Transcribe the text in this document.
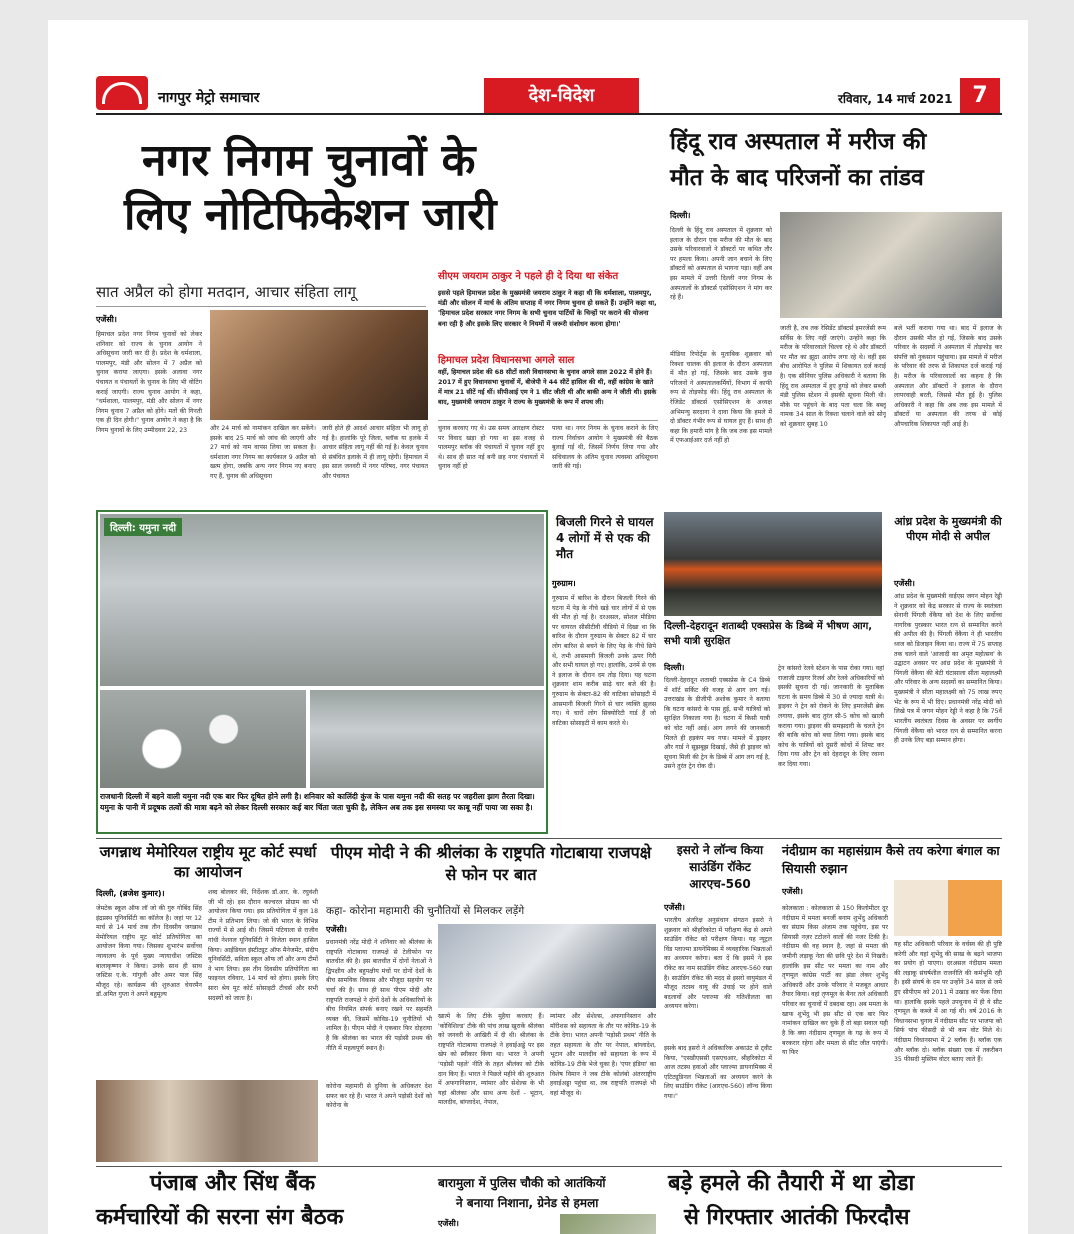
नागपुर मेट्रो समाचार	देश-विदेश	रविवार, 14 मार्च 2021 7
नगर निगम चुनावों के
लिए नोटिफिकेशन जारी
सात अप्रैल को होगा मतदान, आचार संहिता लागू
एजेंसी।
हिमाचल प्रदेश नगर निगम चुनावों को लेकर शनिवार को राज्य के चुनाव आयोग ने अधिसूचना जारी कर दी है। प्रदेश के धर्मशाला, पालमपुर, मंडी और सोलन में 7 अप्रैल को चुनाव कराया जाएगा। इसके अलावा नगर पंचायत व पंचायतों के चुनाव के लिए भी वोटिंग कराई जाएगी। राज्य चुनाव आयोग ने कहा, "धर्मशाला, पालमपुर, मंडी और सोलन में नगर निगम चुनाव 7 अप्रैल को होंगे। मतों की गिनती एक ही दिन होगी।" चुनाव आयोग ने कहा है कि निगम चुनावों के लिए उम्मीदवार 22, 23	और 24 मार्च को नामांकन दाखिल कर सकेंगे। इसके बाद 25 मार्च को जांच की जाएगी और 27 मार्च को नाम वापस लिया जा सकता है। धर्मशाला नगर निगम का कार्यकाल 9 अप्रैल को खत्म होगा, जबकि अन्य नगर निगम नए बनाए गए हैं, चुनाव की अधिसूचना
जारी होते ही आदर्श आचार संहिता भी लागू हो गई है। हालांकि पूरे जिला, ब्लॉक या हलके में आचार संहिता लागू नहीं की गई है। केवल चुनाव से संबंधित इलाके में ही लागू रहेगी। हिमाचल में इस साल जनवरी में नगर परिषद, नगर पंचायत और पंचायत
सीएम जयराम ठाकुर ने पहले ही दे दिया था संकेत
इससे पहले हिमाचल प्रदेश के मुख्यमंत्री जयराम ठाकुर ने कहा थी कि धर्मशाला, पालमपुर, मंडी और सोलन में मार्च के अंतिम सप्ताह में नगर निगम चुनाव हो सकते हैं। उन्होंने कहा था, 'हिमाचल प्रदेश सरकार नगर निगम के सभी चुनाव पार्टियों के चिन्हों पर कराने की योजना बना रही है और इसके लिए सरकार ने नियमों में जरूरी संशोधन करना होगा।'
हिमाचल प्रदेश विधानसभा अगले साल
वहीं, हिमाचल प्रदेश की 68 सीटों वाली विधानसभा के चुनाव अगले साल 2022 में होने हैं। 2017 में हुए विधानसभा चुनावों में, बीजेपी ने 44 सीटें हासिल की थी, वहीं कांग्रेस के खाते में मात्र 21 सीटें गई थीं। सीपीआई एम ने 1 सीट जीती थी और बाकी अन्य ने जीती थी। इसके बाद, मुख्यमंत्री जयराम ठाकुर ने राज्य के मुख्यमंत्री के रूप में शपथ ली।
चुनाव करवाए गए थे। उस समय आरक्षण रोस्टर पर विवाद खड़ा हो गया था इस वजह से पालमपुर ब्लॉक की पंचायतों में चुनाव नहीं हुए थे। साथ ही सात नई बनी छह नगर पंचायतों में चुनाव नहीं हो
पाया था। नगर निगम के चुनाव कराने के लिए राज्य निर्वाचन आयोग ने मुख्यमंत्री की बैठक बुलाई गई थी, जिसमें निर्णय लिया गया और सचिवालय के अंतिम चुनाव त्यवस्था अधिसूचना जारी की गई।
हिंदू राव अस्पताल में मरीज की
मौत के बाद परिजनों का तांडव
दिल्ली।
दिल्ली के हिंदू राव अस्पताल में शुक्रवार को इलाज के दौरान एक मरीज की मौत के बाद उसके परिवारवालों ने डॉक्टरों पर कथित तौर पर हमला किया। अपनी जान बचाने के लिए डॉक्टरों को अस्पताल से भागना पड़ा। वहीं अब इस मामले में उत्तरी दिल्ली नगर निगम के अस्पतालों के डॉक्टर्स एसोसिएशन ने मांग कर रहे हैं।
मीडिया रिपोर्ट्स के मुताबिक शुक्रवार को रिक्शा चालक की इलाज के दौरान अस्पताल में मौत हो गई, जिसके बाद उसके कुछ परिजनों ने अस्पतालकर्मियों, विभाग में काफी रूप से तोड़फोड़ की। हिंदू राव अस्पताल के रेजिडेंट डॉक्टर्स एसोसिएशन के अध्यक्ष अभिमन्यु सरदाना ने दावा किया कि हमले में दो डॉक्टर गंभीर रूप से घायल हुए हैं। साथ ही कहा कि हमारी मांग है कि जब तक इस मामले में एफआईआर दर्ज नहीं हो
जाती है, तब तक रेसिडेंट डॉक्टर्स इमरजेंसी रूम सर्विस के लिए नहीं जाएंगे। उन्होंने कहा कि मरीज के परिवारवाले चिल्ला रहे थे और डॉक्टरों पर मौत का झूठा आरोप लगा रहे थे। वहीं इस बीच आरोपित ने पुलिस में शिकायत दर्ज कराई है। एक सीनियर पुलिस अधिकारी ने बताया कि हिंदू राव अस्पताल में हुए हुगड़े को लेकर सब्जी मंडी पुलिस स्टेशन में इसकी सूचना मिली थी। मौके पर पहुंचने के बाद पता चला कि बब्लू नामक 34 साल के रिक्शा चलाने वाले को सोनू को शुक्रवार सुबह 10
बजे भर्ती कराया गया था। बाद में इलाज के दौरान उसकी मौत हो गई, जिसके बाद उसके परिवार के सदस्यों ने अस्पताल में तोड़फोड़ कर संपत्ति को नुकसान पहुंचाया। इस मामले में मरीज के परिवार की तरफ से शिकायत दर्ज कराई गई है। मरीज के परिवारवालों का कहना है कि अस्पताल और डॉक्टरों ने इलाज के दौरान लापरवाही बरती, जिससे मौत हुई है। पुलिस अधिकारी ने कहा कि अब तक इस मामले में डॉक्टरों या अस्पताल की तरफ से कोई औपचारिक शिकायत नहीं आई है।
दिल्ली: यमुना नदी
राजधानी दिल्ली में बहने वाली यमुना नदी एक बार फिर दूषित होने लगी है। शनिवार को कालिंदी कुंज के पास यमुना नदी की सतह पर जहरीला झाग तैरता दिखा। यमुना के पानी में प्रदूषक तत्वों की मात्रा बढ़ने को लेकर दिल्ली सरकार कई बार चिंता जता चुकी है, लेकिन अब तक इस समस्या पर काबू नहीं पाया जा सका है।
बिजली गिरने से घायल 4 लोगों में से एक की मौत
गुरुग्राम।
गुरुग्राम में बारिश के दौरान बिजली गिरने की घटना में पेड़ के नीचे खड़े चार लोगों में से एक की मौत हो गई है। दरअसल, सोशल मीडिया पर वायरल सीसीटीवी वीडियो में दिखा था कि बारिश के दौरान गुरुग्राम के सेक्टर 82 में चार लोग बारिश से बचने के लिए पेड़ के नीचे छिपे थे, तभी आसमानी बिजली उनके ऊपर गिरी और सभी घायल हो गए। हालांकि, उनमें से एक ने इलाज के दौरान दम तोड़ दिया। यह घटना शुक्रवार शाम करीब साढ़े चार बजे की है। गुरुग्राम के सेक्टर-82 की वाटिका सोसाइटी में आसमानी बिजली गिरने से चार व्यक्ति झुलस गए। ये चारों लोग सिक्योरिटी गार्ड हैं जो वाटिका सोसाइटी में काम करते थे।
दिल्ली-देहरादून शताब्दी एक्सप्रेस के डिब्बे में भीषण आग, सभी यात्री सुरक्षित
दिल्ली।
दिल्ली-देहरादून शताब्दी एक्सप्रेस के C4 डिब्बे में शॉर्ट सर्किट की वजह से आग लग गई। उत्तराखंड के डीजीपी अशोक कुमार ने बताया कि घटना कांसरो के पास हुई, सभी यात्रियों को सुरक्षित निकाला गया है। घटना में किसी यात्री को चोट नहीं आई। आग लगने की जानकारी मिलते ही हड़कंप मच गया। मामले में ड्राइवर और गार्ड ने सूझबूझ दिखाई, जैसे ही ड्राइवर को सूचना मिली की ट्रेन के डिब्बे में आग लग गई है, उसने तुरंत ट्रेन रोक दी।
ट्रेन कांसरो रेलवे स्टेशन के पास रोका गया। वहां राजाजी टाइगर रिजर्व और रेलवे अधिकारियों को इसकी सूचना दी गई। जानकारी के मुताबिक घटना के समय डिब्बे में 30 से ज्यादा यात्री थे। ड्राइवर ने ट्रेन को रोकने के लिए इमरजेंसी ब्रेक लगाया, इसके बाद तुरंत सी-5 कोच को खाली कराया गया। ड्राइवर की समझदारी के चलते ट्रेन की बाकि कोच को बचा लिया गया। इसके बाद कोच के यात्रियों को दूसरी कोचों में शिफ्ट कर दिया गया और ट्रेन को देहरादून के लिए रवाना कर दिया गया।
आंध्र प्रदेश के मुख्यमंत्री की पीएम मोदी से अपील
एजेंसी।
आंध्र प्रदेश के मुख्यमंत्री वाईएस जगन मोहन रेड्डी ने शुक्रवार को केंद्र सरकार से राज्य के स्वतंत्रता सेनानी पिंगली वेंकैया को देश के लिए सर्वोच्च नागरिक पुरस्कार भारत रत्न से सम्मानित करने की अपील की है। पिंगली वेंकैया ने ही भारतीय ध्वज को डिजाइन किया था। राज्य में 75 सप्ताह तक चलने वाले 'आजादी का अमृत महोत्सव' के उद्घाटन अवसर पर आंध्र प्रदेश के मुख्यमंत्री ने पिंगली वेंकैया की बेटी घंटासाला सीता महालक्ष्मी और परिवार के अन्य सदस्यों का सम्मानित किया। मुख्यमंत्री ने सीता महालक्ष्मी को 75 लाख रुपए भेंट के रूप में भी दिए। प्रधानमंत्री नरेंद्र मोदी को लिखे पत्र में जगन मोहन रेड्डी ने कहा है कि 75वें भारतीय स्वतंत्रता दिवस के अवसर पर स्वर्गीय पिंगली वेंकैया को भारत रत्न से सम्मानित करना ही उनके लिए बड़ा सम्मान होगा।
जगन्नाथ मेमोरियल राष्ट्रीय मूट कोर्ट स्पर्धा का आयोजन
दिल्ली, (ब्रजेश कुमार)।
जेमटेक स्कूल ऑफ लॉ जो की गुरु गोबिंद सिंह इंद्रप्रस्थ यूनिवर्सिटी का कॉलेज है। जहां पर 12 मार्च से 14 मार्च तक तीन दिवसीय जगन्नाथ मेमोरियल राष्ट्रीय मूट कोर्ट प्रतियोगिता का आयोजन किया गया। जिसका शुभारंभ सर्वोच्च न्यायालय के पूर्व मुख्य न्यायाधीश जस्टिस बालाकृष्णन ने किया। उनके साथ ही साथ जस्टिस ए.के. गांगुली और अमर पाल सिंह मौजूद रहे। कार्यक्रम की शुरुआत चेयरमैन डॉ.अमित गुप्ता ने अपने बहुमूल्य
शब्द बोलकर की, निर्देशक डॉ.आर. के. रघुवंशी जी भी रहे। इस दौरान कल्चरल प्रोग्राम का भी आयोजन किया गया। इस प्रतियोगिता में कुल 18 टीम ने प्रतिभाग लिया। जो की भारत के विभिन्न राज्यों में से आई थी। जिसमें पटियाला से राजीव गांधी नेशनल यूनिवर्सिटी ने विजेता स्थान हासिल किया। आईडियल इंस्टीट्यूट ऑफ मैनेजमेंट, संदीप यूनिवर्सिटी, सविता स्कूल ऑफ लॉ और अन्य टीमों ने भाग लिया। इस तीन दिवसीय प्रतियोगिता का फाइनल रविवार, 14 मार्च को होगा। इसके लिए सारा श्रेय मूट कोर्ट सोसाइटी टीचर्स और सभी सदस्यों को जाता है।
पीएम मोदी ने की श्रीलंका के राष्ट्रपति गोटाबाया राजपक्षे से फोन पर बात
कहा- कोरोना महामारी की चुनौतियों से मिलकर लड़ेंगे
एजेंसी।
प्रधानमंत्री नरेंद्र मोदी ने शनिवार को श्रीलंका के राष्ट्रपति गोटाबाया राजपक्षे से टेलीफोन पर बातचीत की है। इस बातचीत में दोनों नेताओं ने द्विपक्षीय और बहुपक्षीय मंचों पर दोनों देशों के बीच सामयिक विकास और मौजूदा सहयोग पर चर्चा की है। साथ ही साथ पीएम मोदी और राष्ट्रपति राजपक्षे ने दोनों देशों के अधिकारियों के बीच नियमित संपर्क बनाए रखने पर सहमति व्यक्त की, जिसमें कोविड-19 चुनौतियों भी शामिल है। पीएम मोदी ने एकबार फिर दोहराया है कि श्रीलंका का भारत की पड़ोसी प्रथम की नीति में महत्वपूर्ण स्थान है।
कोरोना महामारी से दुनिया के अधिकतर देश सफर कर रहे हैं। भारत ने अपने पड़ोसी देशों को कोरोना के
खात्मे के लिए टीके मुहैया करवाए हैं। 'कोविशिल्ड' टीके की पांच लाख खुराकें श्रीलंका को जनवरी के आखिरी में दी थी। श्रीलंका के राष्ट्रपति गोटाबाया राजपक्षे ने हवाईअड्डे पर इस खेप को स्वीकार किया था। भारत ने अपनी 'पड़ोसी पहले' नीति के तहत श्रीलंका को टीके दान किए हैं। भारत ने पिछले महीने की शुरुआत में अफगानिस्तान, म्यांमार और सेशेल्स के भी यहां श्रीलंका और साथ अन्य देशों - भूटान, मालदीव, बांग्लादेश, नेपाल,
म्यांमार और सेशेल्स, अफगानिस्तान और मॉरीशस को सहायता के तौर पर कोविड-19 के टीके देगा। भारत अपनी 'पड़ोसी प्रथम' नीति के तहत सहायता के तौर पर नेपाल, बांग्लादेश, भूटान और मालदीव को सहायता के रूप में कोविड-19 टीके भेजे चुका है। 'एयर इंडिया' का विशेष विमान ने जब टीके कोलंबो अंतरराष्ट्रीय हवाईअड्डा पहुंचा था, तब राष्ट्रपति राजपक्षे भी वहां मौजूद थे।
इसरो ने लॉन्च किया साउंडिंग रॉकेट आरएच-560
एजेंसी।
भारतीय अंतरिक्ष अनुसंधान संगठन इसरो ने शुक्रवार को श्रीहरिकोटा में परीक्षण केंद्र से अपने साउंडिंग रॉकेट को परीक्षण किया। यह न्यूट्रल विंड प्लाज्मा डायनेमिक्स में व्यवहारिक भिन्नताओं का अध्ययन करेगा। बता दें कि इसमें ने इस रॉकेट का नाम साउंडिंग रॉकेट आरएच-560 रखा है। साउंडिंग रॉकेट की मदद से इसरो वायुमंडल में मौजूद तटस्थ वायू की उंचाई पर होने वाले बदलावों और प्लाज्मा की गतिशीलता का अध्ययन करेगा।
इसके बाद इसरो ने अधिकारिक अकाउंट से ट्वीट किया, "एसडीएससी एसएचआर, श्रीहरिकोटा में आज तटस्थ हवाओं और प्लाज्मा डायनामिक्स में एटिट्यूडिनल भिन्नताओं का अध्ययन करने के लिए साउंडिंग रॉकेट (आरएच-560) लॉन्च किया गया।"
नंदीग्राम का महासंग्राम कैसे तय करेगा बंगाल का सियासी रुझान
एजेंसी।
कोलकाता : कोलकाता से 150 किलोमीटर दूर नंदीग्राम में ममता बनर्जी बनाम शुभेंदु अधिकारी का संग्राम किस अंजाम तक पहुंचेगा, इस पर सियासी नज़र टटोलने वालों की नजर टिकी है। नंदीग्राम की वह स्थान है, जहां से ममता की जमीनी लड़ाकू नेता की छवि पूरे देश में निखरी। हालांकि इस सीट पर ममता का नाम और तृणमूल कांग्रेस पार्टी का झंडा लेकर शुभेंदु अधिकारी और उनके परिवार ने मजबूत आधार तैयार किया। वहां तृणमूल के बैनर तले अधिकारी परिवार का चुनावों में दबदबा रहा। अब ममता के खाफ शुभेंदु भी इस सीट से एक बार फिर नामांकन दाखिल कर चुके हैं तो बड़ा सवाल यही है कि क्या नंदीग्राम तृणमूल के गढ़ के रूप में बरकरार रहेगा और ममता से सीट जीत पाएंगी। या फिर
यह सीट अधिकारी परिवार के वर्चस्व की ही पुष्टि करेगी और यहां शुभेंदु की साख के बढ़ने भाजपा का प्रयोग हो पाएगा। दरअसल नंदीग्राम ममता की लड़ाकू संघर्षशील राजनीति की कर्मभूमि रही है। इसी संघर्ष के दम पर उन्होंने 34 साल से जमे हुए सीपीएम को 2011 में उखाड़ कर फेंक दिया था। हालांकि इसके पहले उपचुनाव में ही ये सीट तृणमूल के कब्जे में आ गई थी। वर्ष 2016 के विधानसभा चुनाव में नंदीग्राम सीट पर भाजपा को सिर्फ पांच फीसदी से भी कम वोट मिले थे। नंदीग्राम विधानसभा में 2 ब्लॉक हैं। ब्लॉक एक और ब्लॉक दो। ब्लॉक संख्या एक में तकरीबन 35 फीसदी मुस्लिम वोटर बताए जाते हैं।
पंजाब और सिंध बैंक
कर्मचारियों की सरना संग बैठक
बारामुला में पुलिस चौकी को आतंकियों
ने बनाया निशाना, ग्रेनेड से हमला
एजेंसी।
बड़े हमले की तैयारी में था डोडा
से गिरफ्तार आतंकी फिरदौस
